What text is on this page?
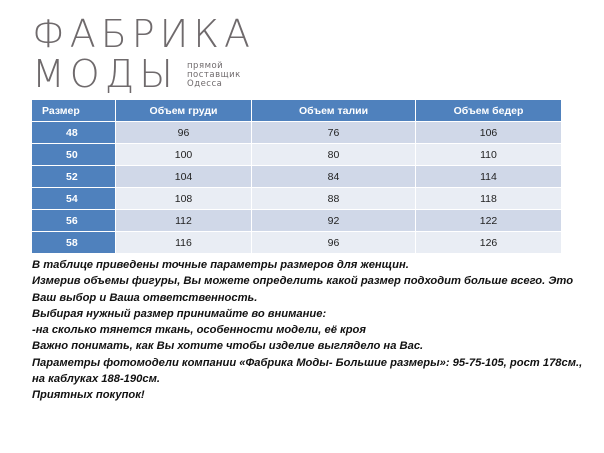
ФАБРИКА
МОДЫ прямой
поставщик
Одесса
Размер	Объем груди	Объем талии	Объем бедер
48	96	76	106
50	100	80	110
52	104	84	114
54	108	88	118
56	112	92	122
58	116	96	126

В таблице приведены точные параметры размеров для женщин.

Измерив объемы фигуры, Вы можете определить какой размер подходит больше всего. Это Ваш выбор и Ваша ответственность.

Выбирая нужный размер принимайте во внимание:

-на сколько тянется ткань, особенности модели, её кроя

Важно понимать, как Вы хотите чтобы изделие выглядело на Вас.

Параметры фотомодели компании «Фабрика Моды- Большие размеры»: 95-75-105, рост 178см., на каблуках 188-190см.

Приятных покупок!
